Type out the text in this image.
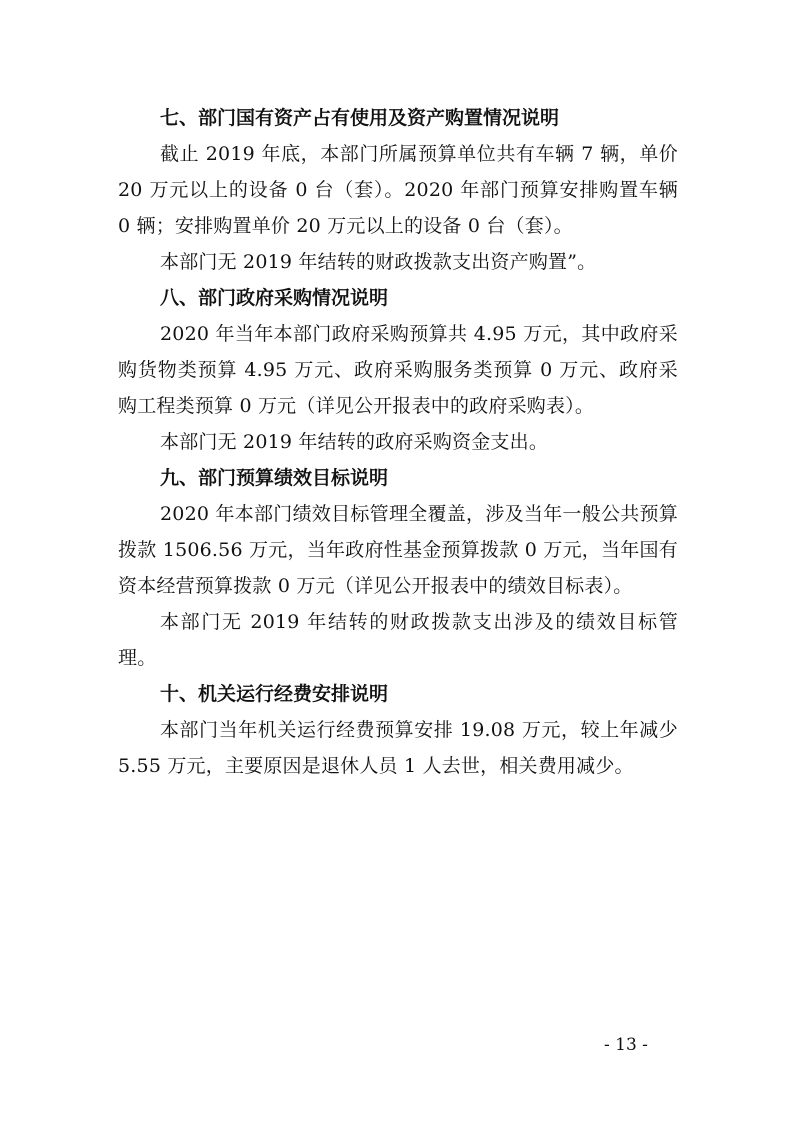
七、部门国有资产占有使用及资产购置情况说明

截止 2019 年底，本部门所属预算单位共有车辆 7 辆，单价 20 万元以上的设备 0 台（套）。2020 年部门预算安排购置车辆 0 辆；安排购置单价 20 万元以上的设备 0 台（套）。

本部门无 2019 年结转的财政拨款支出资产购置”。

八、部门政府采购情况说明

2020 年当年本部门政府采购预算共 4.95 万元，其中政府采购货物类预算 4.95 万元、政府采购服务类预算 0 万元、政府采购工程类预算 0 万元（详见公开报表中的政府采购表）。

本部门无 2019 年结转的政府采购资金支出。

九、部门预算绩效目标说明

2020 年本部门绩效目标管理全覆盖，涉及当年一般公共预算拨款 1506.56 万元，当年政府性基金预算拨款 0 万元，当年国有资本经营预算拨款 0 万元（详见公开报表中的绩效目标表）。

本部门无 2019 年结转的财政拨款支出涉及的绩效目标管理。

十、机关运行经费安排说明

本部门当年机关运行经费预算安排 19.08 万元，较上年减少 5.55 万元，主要原因是退休人员 1 人去世，相关费用减少。

- 13 -
